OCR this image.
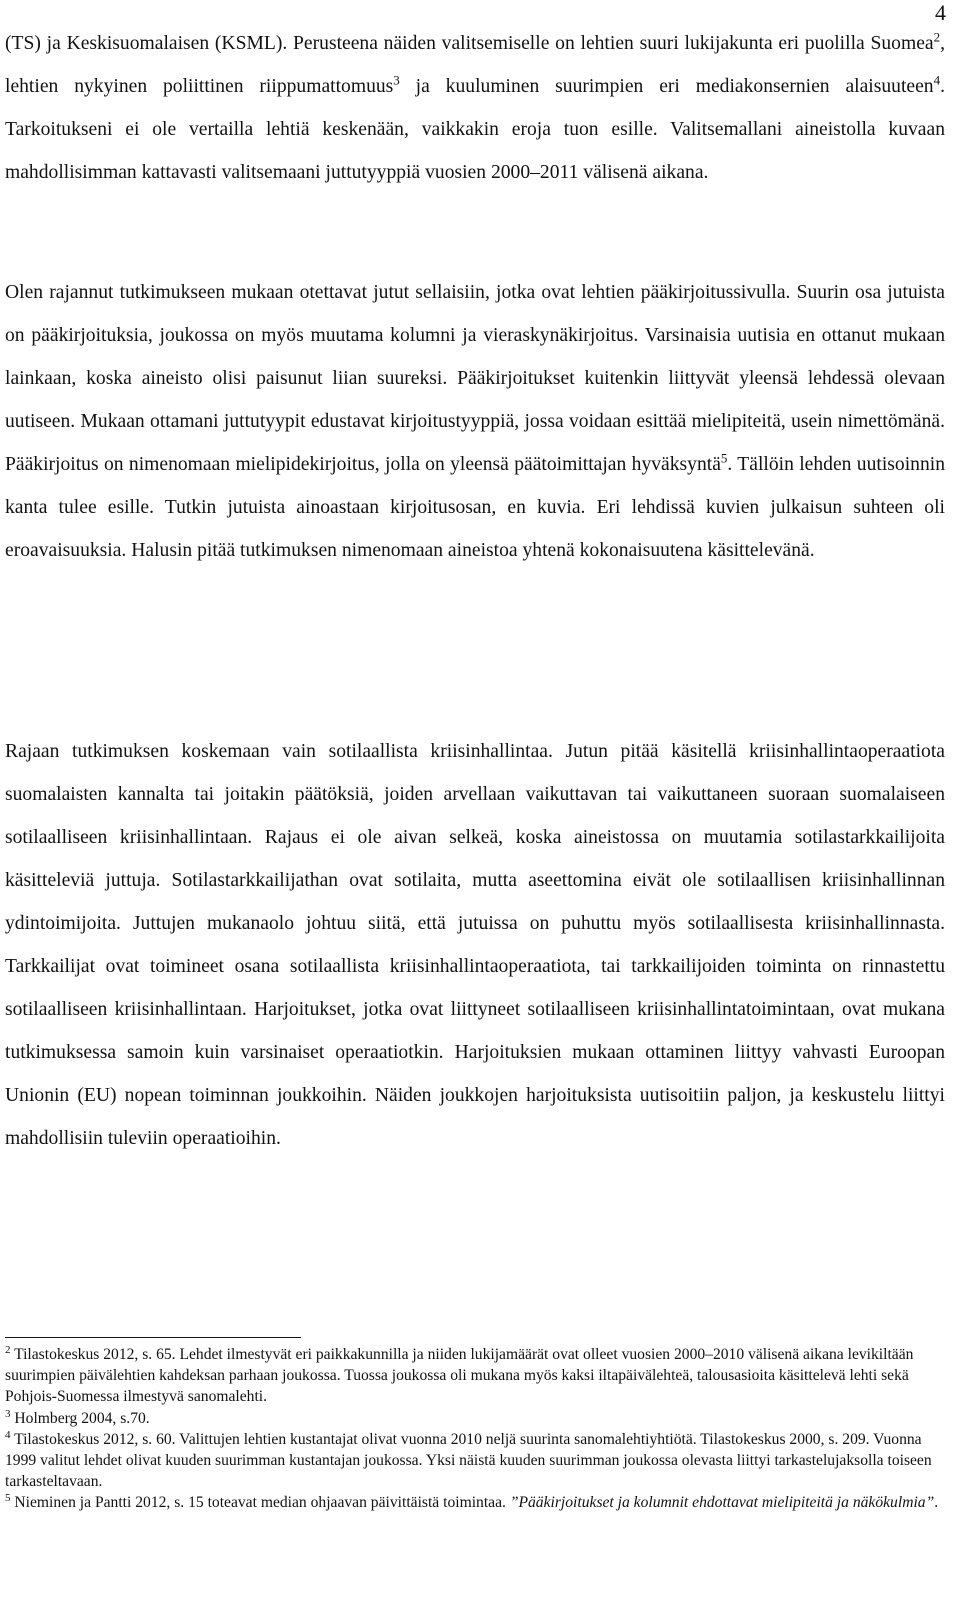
4

(TS) ja Keskisuomalaisen (KSML). Perusteena näiden valitsemiselle on lehtien suuri lukijakunta eri puolilla Suomea$^2$, lehtien nykyinen poliittinen riippumattomuus$^3$ ja kuuluminen suurimpien eri mediakonsernien alaisuuteen$^4$. Tarkoitukseni ei ole vertailla lehtiä keskenään, vaikkakin eroja tuon esille. Valitsemallani aineistolla kuvaan mahdollisimman kattavasti valitsemaani juttutyyppiä vuosien 2000–2011 välisenä aikana.

Olen rajannut tutkimukseen mukaan otettavat jutut sellaisiin, jotka ovat lehtien pääkirjoitussivulla. Suurin osa jutuista on pääkirjoituksia, joukossa on myös muutama kolumni ja vieraskynäkirjoitus. Varsinaisia uutisia en ottanut mukaan lainkaan, koska aineisto olisi paisunut liian suureksi. Pääkirjoitukset kuitenkin liittyvät yleensä lehdessä olevaan uutiseen. Mukaan ottamani juttutyypit edustavat kirjoitustyyppiä, jossa voidaan esittää mielipiteitä, usein nimettömänä. Pääkirjoitus on nimenomaan mielipidekirjoitus, jolla on yleensä päätoimittajan hyväksyntä$^5$. Tällöin lehden uutisoinnin kanta tulee esille. Tutkin jutuista ainoastaan kirjoitusosan, en kuvia. Eri lehdissä kuvien julkaisun suhteen oli eroavaisuuksia. Halusin pitää tutkimuksen nimenomaan aineistoa yhtenä kokonaisuutena käsittelevänä.

Rajaan tutkimuksen koskemaan vain sotilaallista kriisinhallintaa. Jutun pitää käsitellä kriisinhallintaoperaatiota suomalaisten kannalta tai joitakin päätöksiä, joiden arvellaan vaikuttavan tai vaikuttaneen suoraan suomalaiseen sotilaalliseen kriisinhallintaan. Rajaus ei ole aivan selkeä, koska aineistossa on muutamia sotilastarkkailijoita käsitteleviä juttuja. Sotilastarkkailijathan ovat sotilaita, mutta aseettomina eivät ole sotilaallisen kriisinhallinnan ydintoimijoita. Juttujen mukanaolo johtuu siitä, että jutuissa on puhuttu myös sotilaallisesta kriisinhallinnasta. Tarkkailijat ovat toimineet osana sotilaallista kriisinhallintaoperaatiota, tai tarkkailijoiden toiminta on rinnastettu sotilaalliseen kriisinhallintaan. Harjoitukset, jotka ovat liittyneet sotilaalliseen kriisinhallintatoimintaan, ovat mukana tutkimuksessa samoin kuin varsinaiset operaatiotkin. Harjoituksien mukaan ottaminen liittyy vahvasti Euroopan Unionin (EU) nopean toiminnan joukkoihin. Näiden joukkojen harjoituksista uutisoitiin paljon, ja keskustelu liittyi mahdollisiin tuleviin operaatioihin.

$^2$ Tilastokeskus 2012, s. 65. Lehdet ilmestyvät eri paikkakunnilla ja niiden lukijamäärät ovat olleet vuosien 2000–2010 välisenä aikana levikiltään suurimpien päivälehtien kahdeksan parhaan joukossa. Tuossa joukossa oli mukana myös kaksi iltapäivälehteä, talousasioita käsittelevä lehti sekä Pohjois-Suomessa ilmestyvä sanomalehti.

$^3$ Holmberg 2004, s.70.

$^4$ Tilastokeskus 2012, s. 60. Valittujen lehtien kustantajat olivat vuonna 2010 neljä suurinta sanomalehtiyhtiötä. Tilastokeskus 2000, s. 209. Vuonna 1999 valitut lehdet olivat kuuden suurimman kustantajan joukossa. Yksi näistä kuuden suurimman joukossa olevasta liittyi tarkastelujaksolla toiseen tarkasteltavaan.

$^5$ Nieminen ja Pantti 2012, s. 15 toteavat median ohjaavan päivittäistä toimintaa. ”Pääkirjoitukset ja kolumnit ehdottavat mielipiteitä ja näkökulmia”.
